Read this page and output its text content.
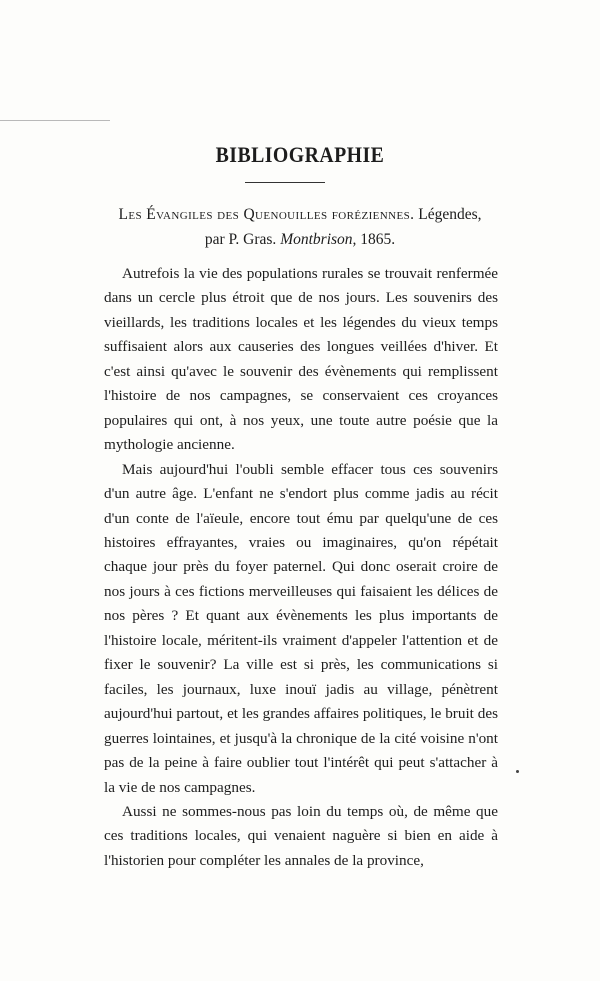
BIBLIOGRAPHIE
Les Évangiles des Quenouilles foréziennes. Légendes,
par P. Gras. Montbrison, 1865.

Autrefois la vie des populations rurales se trouvait renfermée dans un cercle plus étroit que de nos jours. Les souvenirs des vieillards, les traditions locales et les légendes du vieux temps suffisaient alors aux causeries des longues veillées d'hiver. Et c'est ainsi qu'avec le souvenir des évènements qui remplissent l'histoire de nos campagnes, se conservaient ces croyances populaires qui ont, à nos yeux, une toute autre poésie que la mythologie ancienne.

Mais aujourd'hui l'oubli semble effacer tous ces souvenirs d'un autre âge. L'enfant ne s'endort plus comme jadis au récit d'un conte de l'aïeule, encore tout ému par quelqu'une de ces histoires effrayantes, vraies ou imaginaires, qu'on répétait chaque jour près du foyer paternel. Qui donc oserait croire de nos jours à ces fictions merveilleuses qui faisaient les délices de nos pères ? Et quant aux évènements les plus importants de l'histoire locale, méritent-ils vraiment d'appeler l'attention et de fixer le souvenir? La ville est si près, les communications si faciles, les journaux, luxe inouï jadis au village, pénètrent aujourd'hui partout, et les grandes affaires politiques, le bruit des guerres lointaines, et jusqu'à la chronique de la cité voisine n'ont pas de la peine à faire oublier tout l'intérêt qui peut s'attacher à la vie de nos campagnes.

Aussi ne sommes-nous pas loin du temps où, de même que ces traditions locales, qui venaient naguère si bien en aide à l'historien pour compléter les annales de la province,
